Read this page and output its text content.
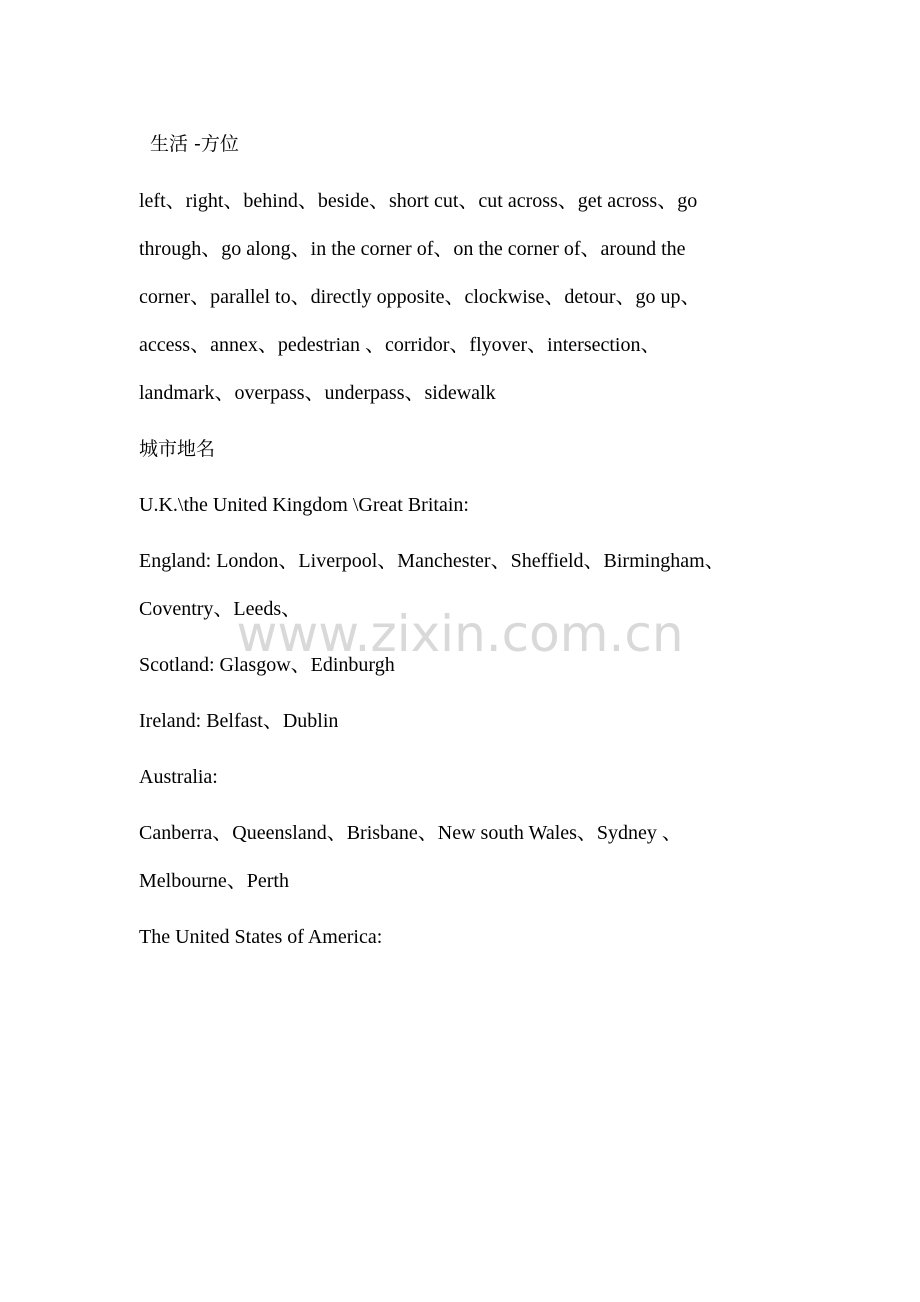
生活 -方位

left、right、behind、beside、short cut、cut across、get across、go

through、go along、in the corner of、on the corner of、around the

corner、parallel to、directly opposite、clockwise、detour、go up、

access、annex、pedestrian 、corridor、flyover、intersection、

landmark、overpass、underpass、sidewalk

城市地名

U.K.\the United Kingdom \Great Britain:

England: London、Liverpool、Manchester、Sheffield、Birmingham、

Coventry、Leeds、

Scotland: Glasgow、Edinburgh

Ireland: Belfast、Dublin

Australia:

Canberra、Queensland、Brisbane、New south Wales、Sydney 、

Melbourne、Perth

The United States of America:

www.zixin.com.cn
